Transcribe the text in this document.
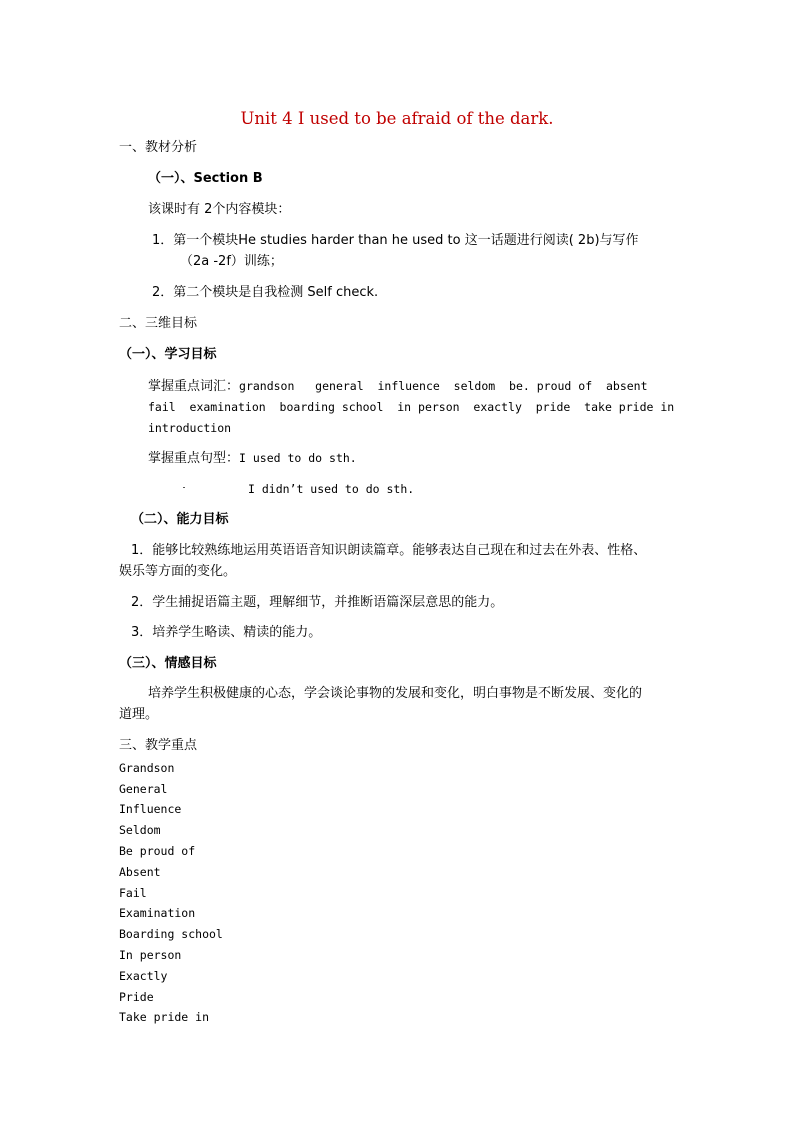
Unit 4 I used to be afraid of the dark.
一、教材分析
（一）、Section B
该课时有 2个内容模块：
1．第一个模块He studies harder than he used to 这一话题进行阅读( 2b)与写作
（2a -2f）训练；
2．第二个模块是自我检测 Self check.
二、三维目标
（一）、学习目标
掌握重点词汇：grandson   general  influence  seldom  be. proud of  absent
fail  examination  boarding school  in person  exactly  pride  take pride in
introduction
掌握重点句型：I used to do sth.
I didn’t used to do sth.
（二）、能力目标
1．能够比较熟练地运用英语语音知识朗读篇章。能够表达自己现在和过去在外表、性格、
娱乐等方面的变化。
2．学生捕捉语篇主题，理解细节，并推断语篇深层意思的能力。
3．培养学生略读、精读的能力。
（三）、情感目标
培养学生积极健康的心态，学会谈论事物的发展和变化，明白事物是不断发展、变化的
道理。
三、教学重点
Grandson
General
Influence
Seldom
Be proud of
Absent
Fail
Examination
Boarding school
In person
Exactly
Pride
Take pride in
